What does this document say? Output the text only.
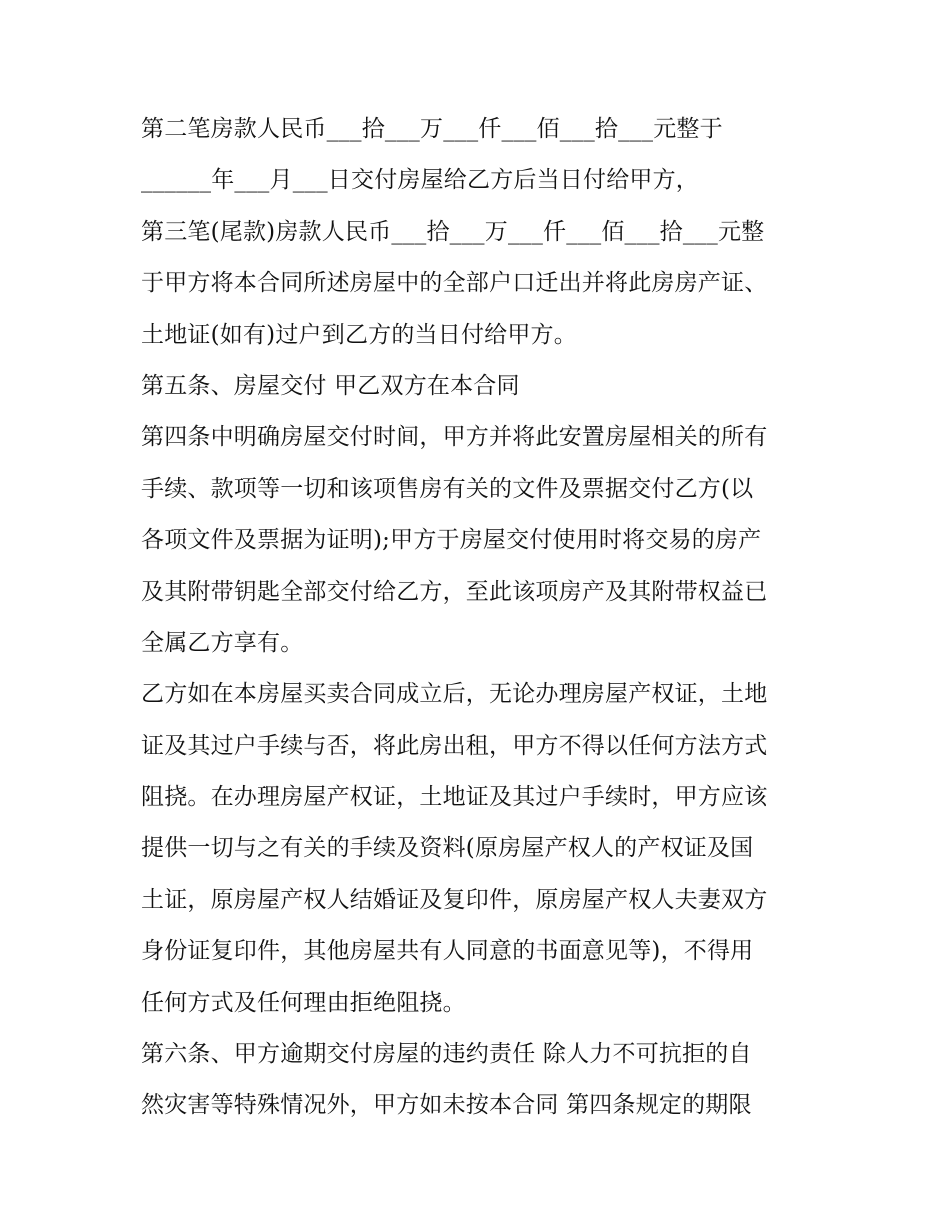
第二笔房款人民币___拾___万___仟___佰___拾___元整于
______年___月___日交付房屋给乙方后当日付给甲方，
第三笔(尾款)房款人民币___拾___万___仟___佰___拾___元整
于甲方将本合同所述房屋中的全部户口迁出并将此房房产证、
土地证(如有)过户到乙方的当日付给甲方。
第五条、房屋交付 甲乙双方在本合同
第四条中明确房屋交付时间，甲方并将此安置房屋相关的所有
手续、款项等一切和该项售房有关的文件及票据交付乙方(以
各项文件及票据为证明);甲方于房屋交付使用时将交易的房产
及其附带钥匙全部交付给乙方，至此该项房产及其附带权益已
全属乙方享有。
乙方如在本房屋买卖合同成立后，无论办理房屋产权证，土地
证及其过户手续与否，将此房出租，甲方不得以任何方法方式
阻挠。在办理房屋产权证，土地证及其过户手续时，甲方应该
提供一切与之有关的手续及资料(原房屋产权人的产权证及国
土证，原房屋产权人结婚证及复印件，原房屋产权人夫妻双方
身份证复印件，其他房屋共有人同意的书面意见等)，不得用
任何方式及任何理由拒绝阻挠。
第六条、甲方逾期交付房屋的违约责任 除人力不可抗拒的自
然灾害等特殊情况外，甲方如未按本合同 第四条规定的期限
